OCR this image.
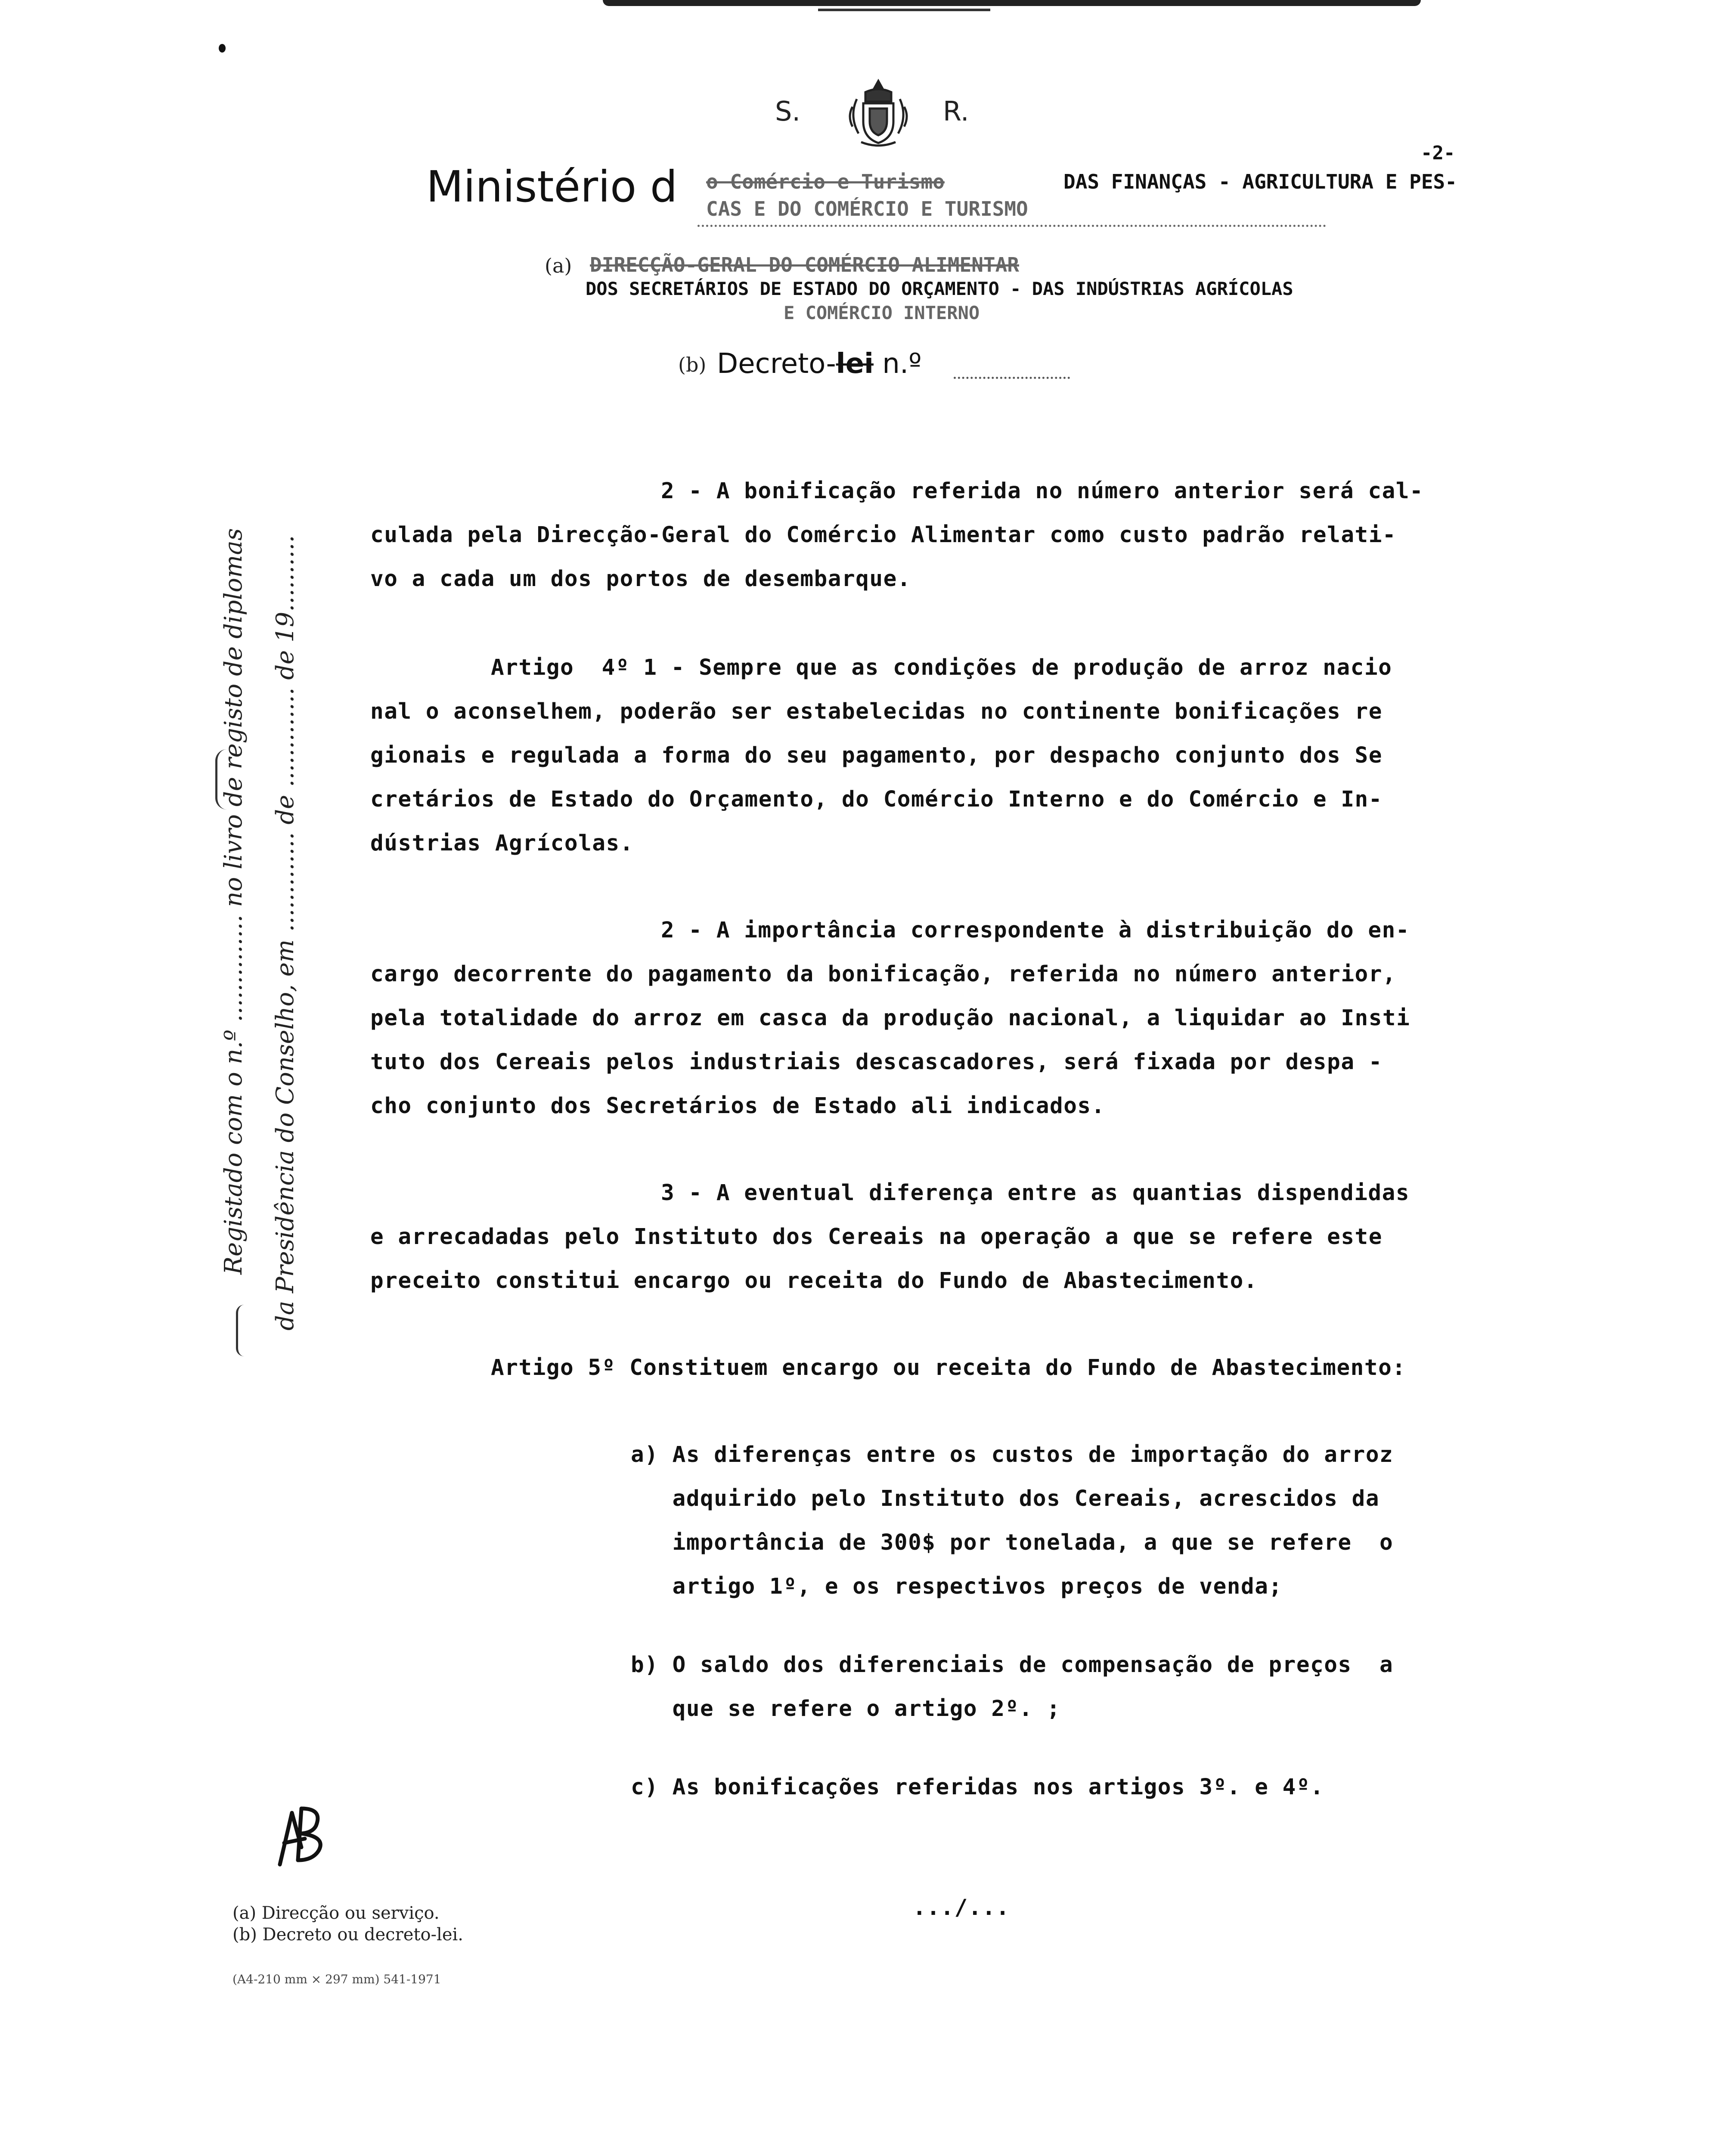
S.	R.
-2-
Ministério d o Comércio e Turismo	DAS FINANÇAS - AGRICULTURA E PES-
CAS E DO COMÉRCIO E TURISMO
(a) DIRECÇÃO-GERAL DO COMÉRCIO ALIMENTAR
DOS SECRETÁRIOS DE ESTADO DO ORÇAMENTO - DAS INDÚSTRIAS AGRÍCOLAS
E COMÉRCIO INTERNO
(b) Decreto-lei n.º
Registado com o n.º .............. no livro de registo de diplomas da Presidência do Conselho, em ............. de ............. de 19..........
2 - A bonificação referida no número anterior será cal-
culada pela Direcção-Geral do Comércio Alimentar como custo padrão relati-
vo a cada um dos portos de desembarque.
Artigo  4º 1 - Sempre que as condições de produção de arroz nacio
nal o aconselhem, poderão ser estabelecidas no continente bonificações re
gionais e regulada a forma do seu pagamento, por despacho conjunto dos Se
cretários de Estado do Orçamento, do Comércio Interno e do Comércio e In-
dústrias Agrícolas.
2 - A importância correspondente à distribuição do en-
cargo decorrente do pagamento da bonificação, referida no número anterior,
pela totalidade do arroz em casca da produção nacional, a liquidar ao Insti
tuto dos Cereais pelos industriais descascadores, será fixada por despa -
cho conjunto dos Secretários de Estado ali indicados.
3 - A eventual diferença entre as quantias dispendidas
e arrecadadas pelo Instituto dos Cereais na operação a que se refere este
preceito constitui encargo ou receita do Fundo de Abastecimento.
Artigo 5º Constituem encargo ou receita do Fundo de Abastecimento:
a) As diferenças entre os custos de importação do arroz
adquirido pelo Instituto dos Cereais, acrescidos da
importância de 300$ por tonelada, a que se refere  o
artigo 1º, e os respectivos preços de venda;
b) O saldo dos diferenciais de compensação de preços  a
que se refere o artigo 2º. ;
c) As bonificações referidas nos artigos 3º. e 4º.
.../...
(a) Direcção ou serviço.
(b) Decreto ou decreto-lei.
(A4-210 mm × 297 mm) 541-1971
